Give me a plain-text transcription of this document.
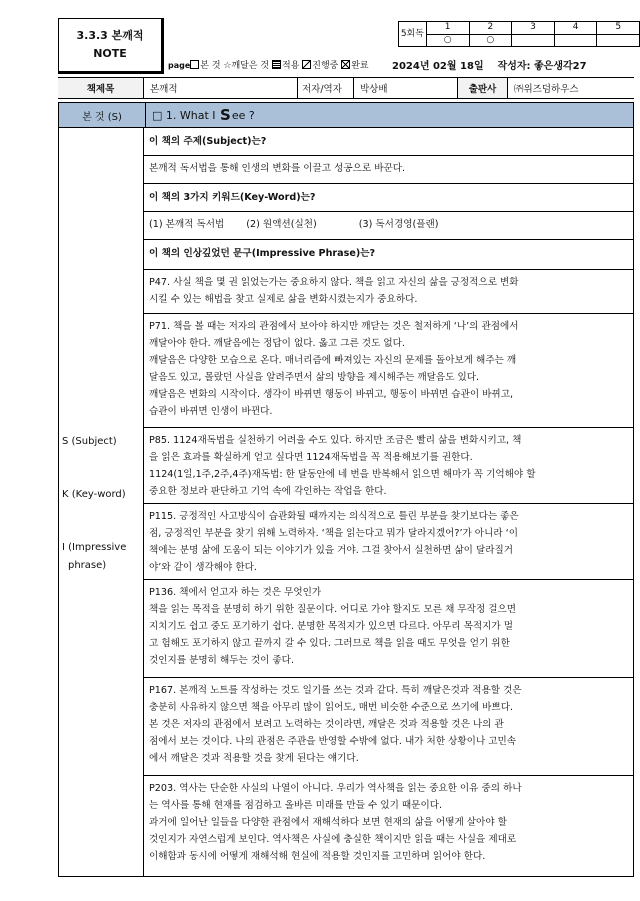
3.3.3 본깨적
NOTE
5회독	1	2	3	4	5
	○	○			
page 본 것 ☆깨달은 것 적용 진행중 완료 2024년 02월 18일 작성자: 좋은생각27
책제목	본깨적	저자/역자	박상배	출판사	㈜위즈덤하우스
본 것 (S)	□ 1. What I
S ee ?
S (Subject)
K (Key-word)
I (Impressive
phrase)
이 책의 주제(Subject)는?
본깨적 독서법을 통해 인생의 변화를 이끌고 성공으로 바꾼다.
이 책의 3가지 키워드(Key-Word)는?
(1) 본깨적 독서법 (2) 원액션(실천)	(3) 독서경영(플랜)
이 책의 인상깊었던 문구(Impressive Phrase)는?
P47. 사실 책을 몇 권 읽었는가는 중요하지 않다. 책을 읽고 자신의 삶을 긍정적으로 변화
시킬 수 있는 해법을 찾고 실제로 삶을 변화시켰는지가 중요하다.
P71. 책을 볼 때는 저자의 관점에서 보아야 하지만 깨닫는 것은 철저하게 ‘나’의 관점에서
깨달아야 한다. 깨달음에는 정답이 없다. 옳고 그른 것도 없다.
깨달음은 다양한 모습으로 온다. 매너리즘에 빠져있는 자신의 문제를 돌아보게 해주는 깨
달음도 있고, 몰랐던 사실을 알려주면서 삶의 방향을 제시해주는 깨달음도 있다.
깨달음은 변화의 시작이다. 생각이 바뀌면 행동이 바뀌고, 행동이 바뀌면 습관이 바뀌고,
습관이 바뀌면 인생이 바뀐다.
P85. 1124재독법을 실천하기 어려울 수도 있다. 하지만 조금은 빨리 삶을 변화시키고, 책
을 읽은 효과를 확실하게 얻고 싶다면 1124재독법을 꼭 적용해보기를 권한다.
1124(1일,1주,2주,4주)재독법: 한 달동안에 네 번을 반복해서 읽으면 해마가 꼭 기억해야 할
중요한 정보라 판단하고 기억 속에 각인하는 작업을 한다.
P115. 긍정적인 사고방식이 습관화될 때까지는 의식적으로 틀린 부분을 찾기보다는 좋은
점, 긍정적인 부분을 찾기 위해 노력하자. ‘책을 읽는다고 뭐가 달라지겠어?’가 아니라 ‘이
책에는 분명 삶에 도움이 되는 이야기가 있을 거야. 그걸 찾아서 실천하면 삶이 달라질거
야’와 같이 생각해야 한다.
P136. 책에서 얻고자 하는 것은 무엇인가
책을 읽는 목적을 분명히 하기 위한 질문이다. 어디로 가야 할지도 모른 채 무작정 걸으면
지치기도 쉽고 중도 포기하기 쉽다. 분명한 목적지가 있으면 다르다. 아무리 목적지가 멀
고 험해도 포기하지 않고 끝까지 갈 수 있다. 그러므로 책을 읽을 때도 무엇을 얻기 위한
것인지를 분명히 해두는 것이 좋다.
P167. 본깨적 노트를 작성하는 것도 일기를 쓰는 것과 같다. 특히 깨달은것과 적용할 것은
충분히 사유하지 않으면 책을 아무리 많이 읽어도, 매번 비슷한 수준으로 쓰기에 바쁘다.
본 것은 저자의 관점에서 보려고 노력하는 것이라면, 깨달은 것과 적용할 것은 나의 관
점에서 보는 것이다. 나의 관점은 주관을 반영할 수밖에 없다. 내가 처한 상황이나 고민속
에서 깨달은 것과 적용할 것을 찾게 된다는 얘기다.
P203. 역사는 단순한 사실의 나열이 아니다. 우리가 역사책을 읽는 중요한 이유 중의 하나
는 역사를 통해 현재를 점검하고 올바른 미래를 만들 수 있기 때문이다.
과거에 일어난 일들을 다양한 관점에서 재해석하다 보면 현재의 삶을 어떻게 살아야 할
것인지가 자연스럽게 보인다. 역사책은 사실에 충실한 책이지만 읽을 때는 사실을 제대로
이해함과 동시에 어떻게 재해석해 현실에 적용할 것인지를 고민하며 읽어야 한다.
